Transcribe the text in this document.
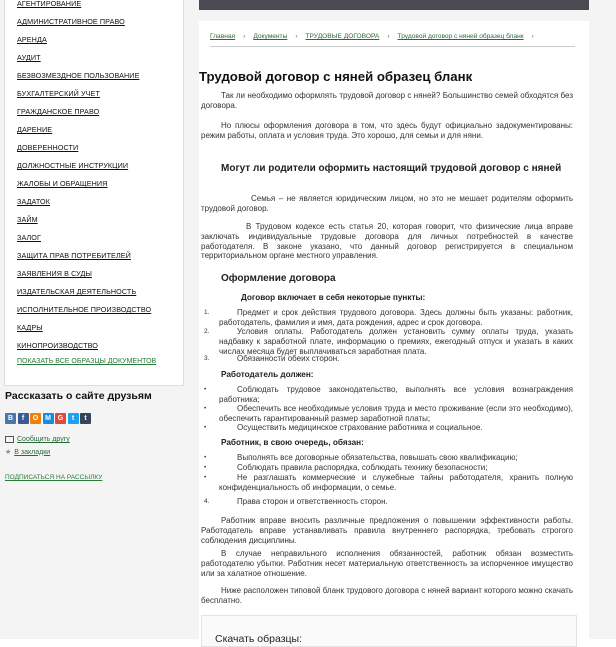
АГЕНТИРОВАНИЕ
АДМИНИСТРАТИВНОЕ ПРАВО
АРЕНДА
АУДИТ
БЕЗВОЗМЕЗДНОЕ ПОЛЬЗОВАНИЕ
БУХГАЛТЕРСКИЙ УЧЕТ
ГРАЖДАНСКОЕ ПРАВО
ДАРЕНИЕ
ДОВЕРЕННОСТИ
ДОЛЖНОСТНЫЕ ИНСТРУКЦИИ
ЖАЛОБЫ И ОБРАЩЕНИЯ
ЗАДАТОК
ЗАЙМ
ЗАЛОГ
ЗАЩИТА ПРАВ ПОТРЕБИТЕЛЕЙ
ЗАЯВЛЕНИЯ В СУДЫ
ИЗДАТЕЛЬСКАЯ ДЕЯТЕЛЬНОСТЬ
ИСПОЛНИТЕЛЬНОЕ ПРОИЗВОДСТВО
КАДРЫ
КИНОПРОИЗВОДСТВО
ПОКАЗАТЬ ВСЕ ОБРАЗЦЫ ДОКУМЕНТОВ
Рассказать о сайте друзьям
В	f	О М G	t	t
Сообщить другу
★ В закладки
ПОДПИСАТЬСЯ НА РАССЫЛКУ
Главная › Документы › ТРУДОВЫЕ ДОГОВОРА › Трудовой договор с няней образец бланк ›
Трудовой договор с няней образец бланк

Так ли необходимо оформлять трудовой договор с няней? Большинство семей обходятся без договора.

Но плюсы оформления договора в том, что здесь будут официально задокументированы: режим работы, оплата и условия труда. Это хорошо, для семьи и для няни.

Могут ли родители оформить настоящий трудовой договор с няней

Семья – не является юридическим лицом, но это не мешает родителям оформить трудовой договор.

В Трудовом кодексе есть статья 20, которая говорит, что физические лица вправе заключать индивидуальные трудовые договора для личных потребностей в качестве работодателя. В законе указано, что данный договор регистрируется в специальном территориальном органе местного управления.

Оформление договора

Договор включает в себя некоторые пункты:

1.	Предмет и срок действия трудового договора. Здесь должны быть указаны: работник, работодатель, фамилия и имя, дата рождения, адрес и срок договора.
2.	Условия оплаты. Работодатель должен установить сумму оплаты труда, указать надбавку к заработной плате, информацию о премиях, ежегодный отпуск и указать в каких числах месяца будет выплачиваться заработная плата.
3.	Обязанности обеих сторон.

Работодатель должен:

•	Соблюдать трудовое законодательство, выполнять все условия вознаграждения работника;
•	Обеспечить все необходимые условия труда и место проживание (если это необходимо), обеспечить гарантированный размер заработной платы;
•	Осуществить медицинское страхование работника и социальное.

Работник, в свою очередь, обязан:

•	Выполнять все договорные обязательства, повышать свою квалификацию;
•	Соблюдать правила распорядка, соблюдать технику безопасности;
•	Не разглашать коммерческие и служебные тайны работодателя, хранить полную конфиденциальность об информации, о семье.
4.	Права сторон и ответственность сторон.

Работник вправе вносить различные предложения о повышении эффективности работы. Работодатель вправе устанавливать правила внутреннего распорядка, требовать строгого соблюдения дисциплины.

В случае неправильного исполнения обязанностей, работник обязан возместить работодателю убытки. Работник несет материальную ответственность за испорченное имущество или за халатное отношение.

Ниже расположен типовой бланк трудового договора с няней вариант которого можно скачать бесплатно.

Скачать образцы:
